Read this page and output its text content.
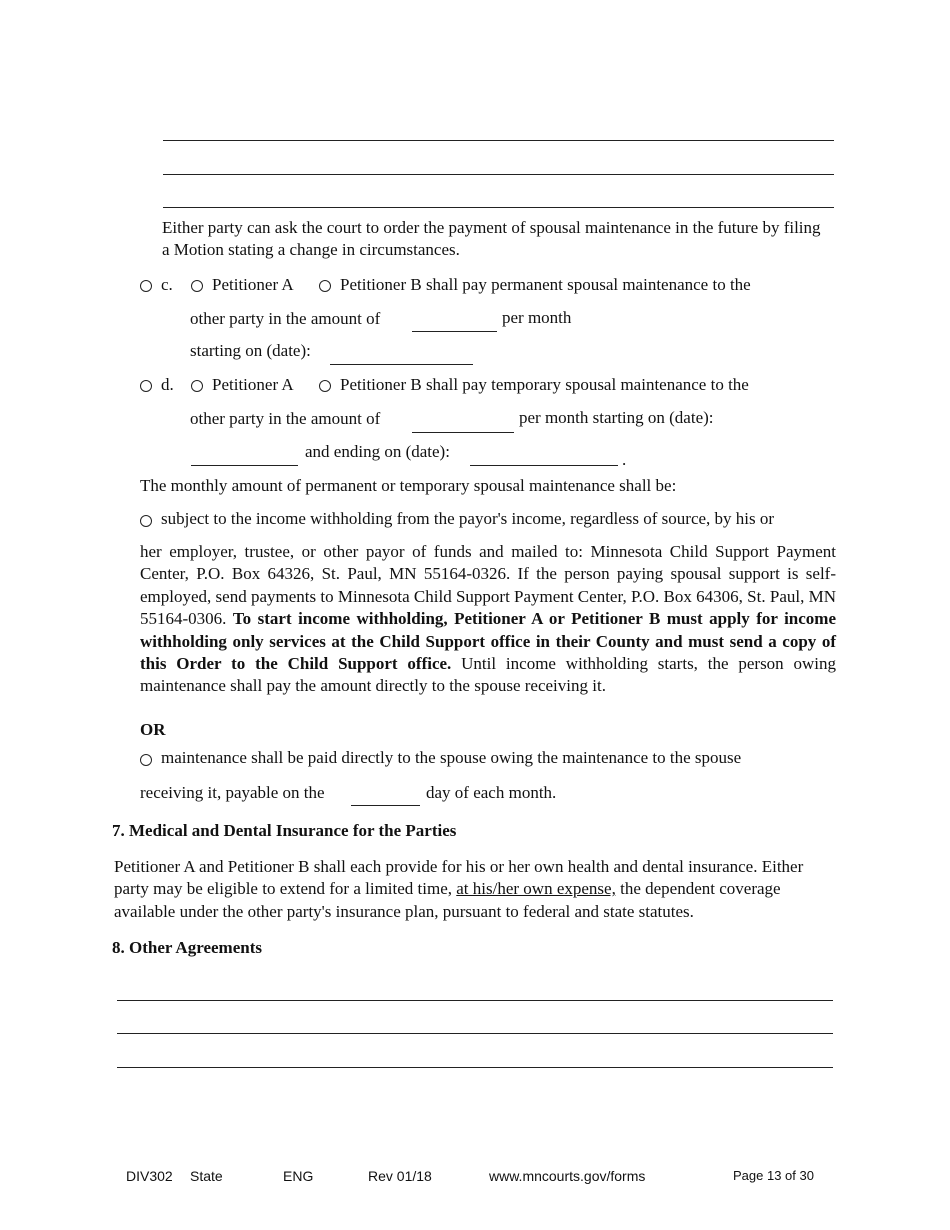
Either party can ask the court to order the payment of spousal maintenance in the future by filing a Motion stating a change in circumstances.
c. Petitioner A	Petitioner B shall pay permanent spousal maintenance to the
other party in the amount of	per month
starting on (date):
d. Petitioner A	Petitioner B shall pay temporary spousal maintenance to the
other party in the amount of	per month starting on (date):
and ending on (date):	.
The monthly amount of permanent or temporary spousal maintenance shall be:
subject to the income withholding from the payor's income, regardless of source, by his or
her employer, trustee, or other payor of funds and mailed to: Minnesota Child Support Payment Center, P.O. Box 64326, St. Paul, MN 55164-0326. If the person paying spousal support is self-employed, send payments to Minnesota Child Support Payment Center, P.O. Box 64306, St. Paul, MN 55164-0306. To start income withholding, Petitioner A or Petitioner B must apply for income withholding only services at the Child Support office in their County and must send a copy of this Order to the Child Support office. Until income withholding starts, the person owing maintenance shall pay the amount directly to the spouse receiving it.
OR
maintenance shall be paid directly to the spouse owing the maintenance to the spouse
receiving it, payable on the	day of each month.
7. Medical and Dental Insurance for the Parties
Petitioner A and Petitioner B shall each provide for his or her own health and dental insurance. Either party may be eligible to extend for a limited time, at his/her own expense, the dependent coverage available under the other party's insurance plan, pursuant to federal and state statutes.
8. Other Agreements
DIV302 State	ENG	Rev 01/18	www.mncourts.gov/forms	Page 13 of 30
